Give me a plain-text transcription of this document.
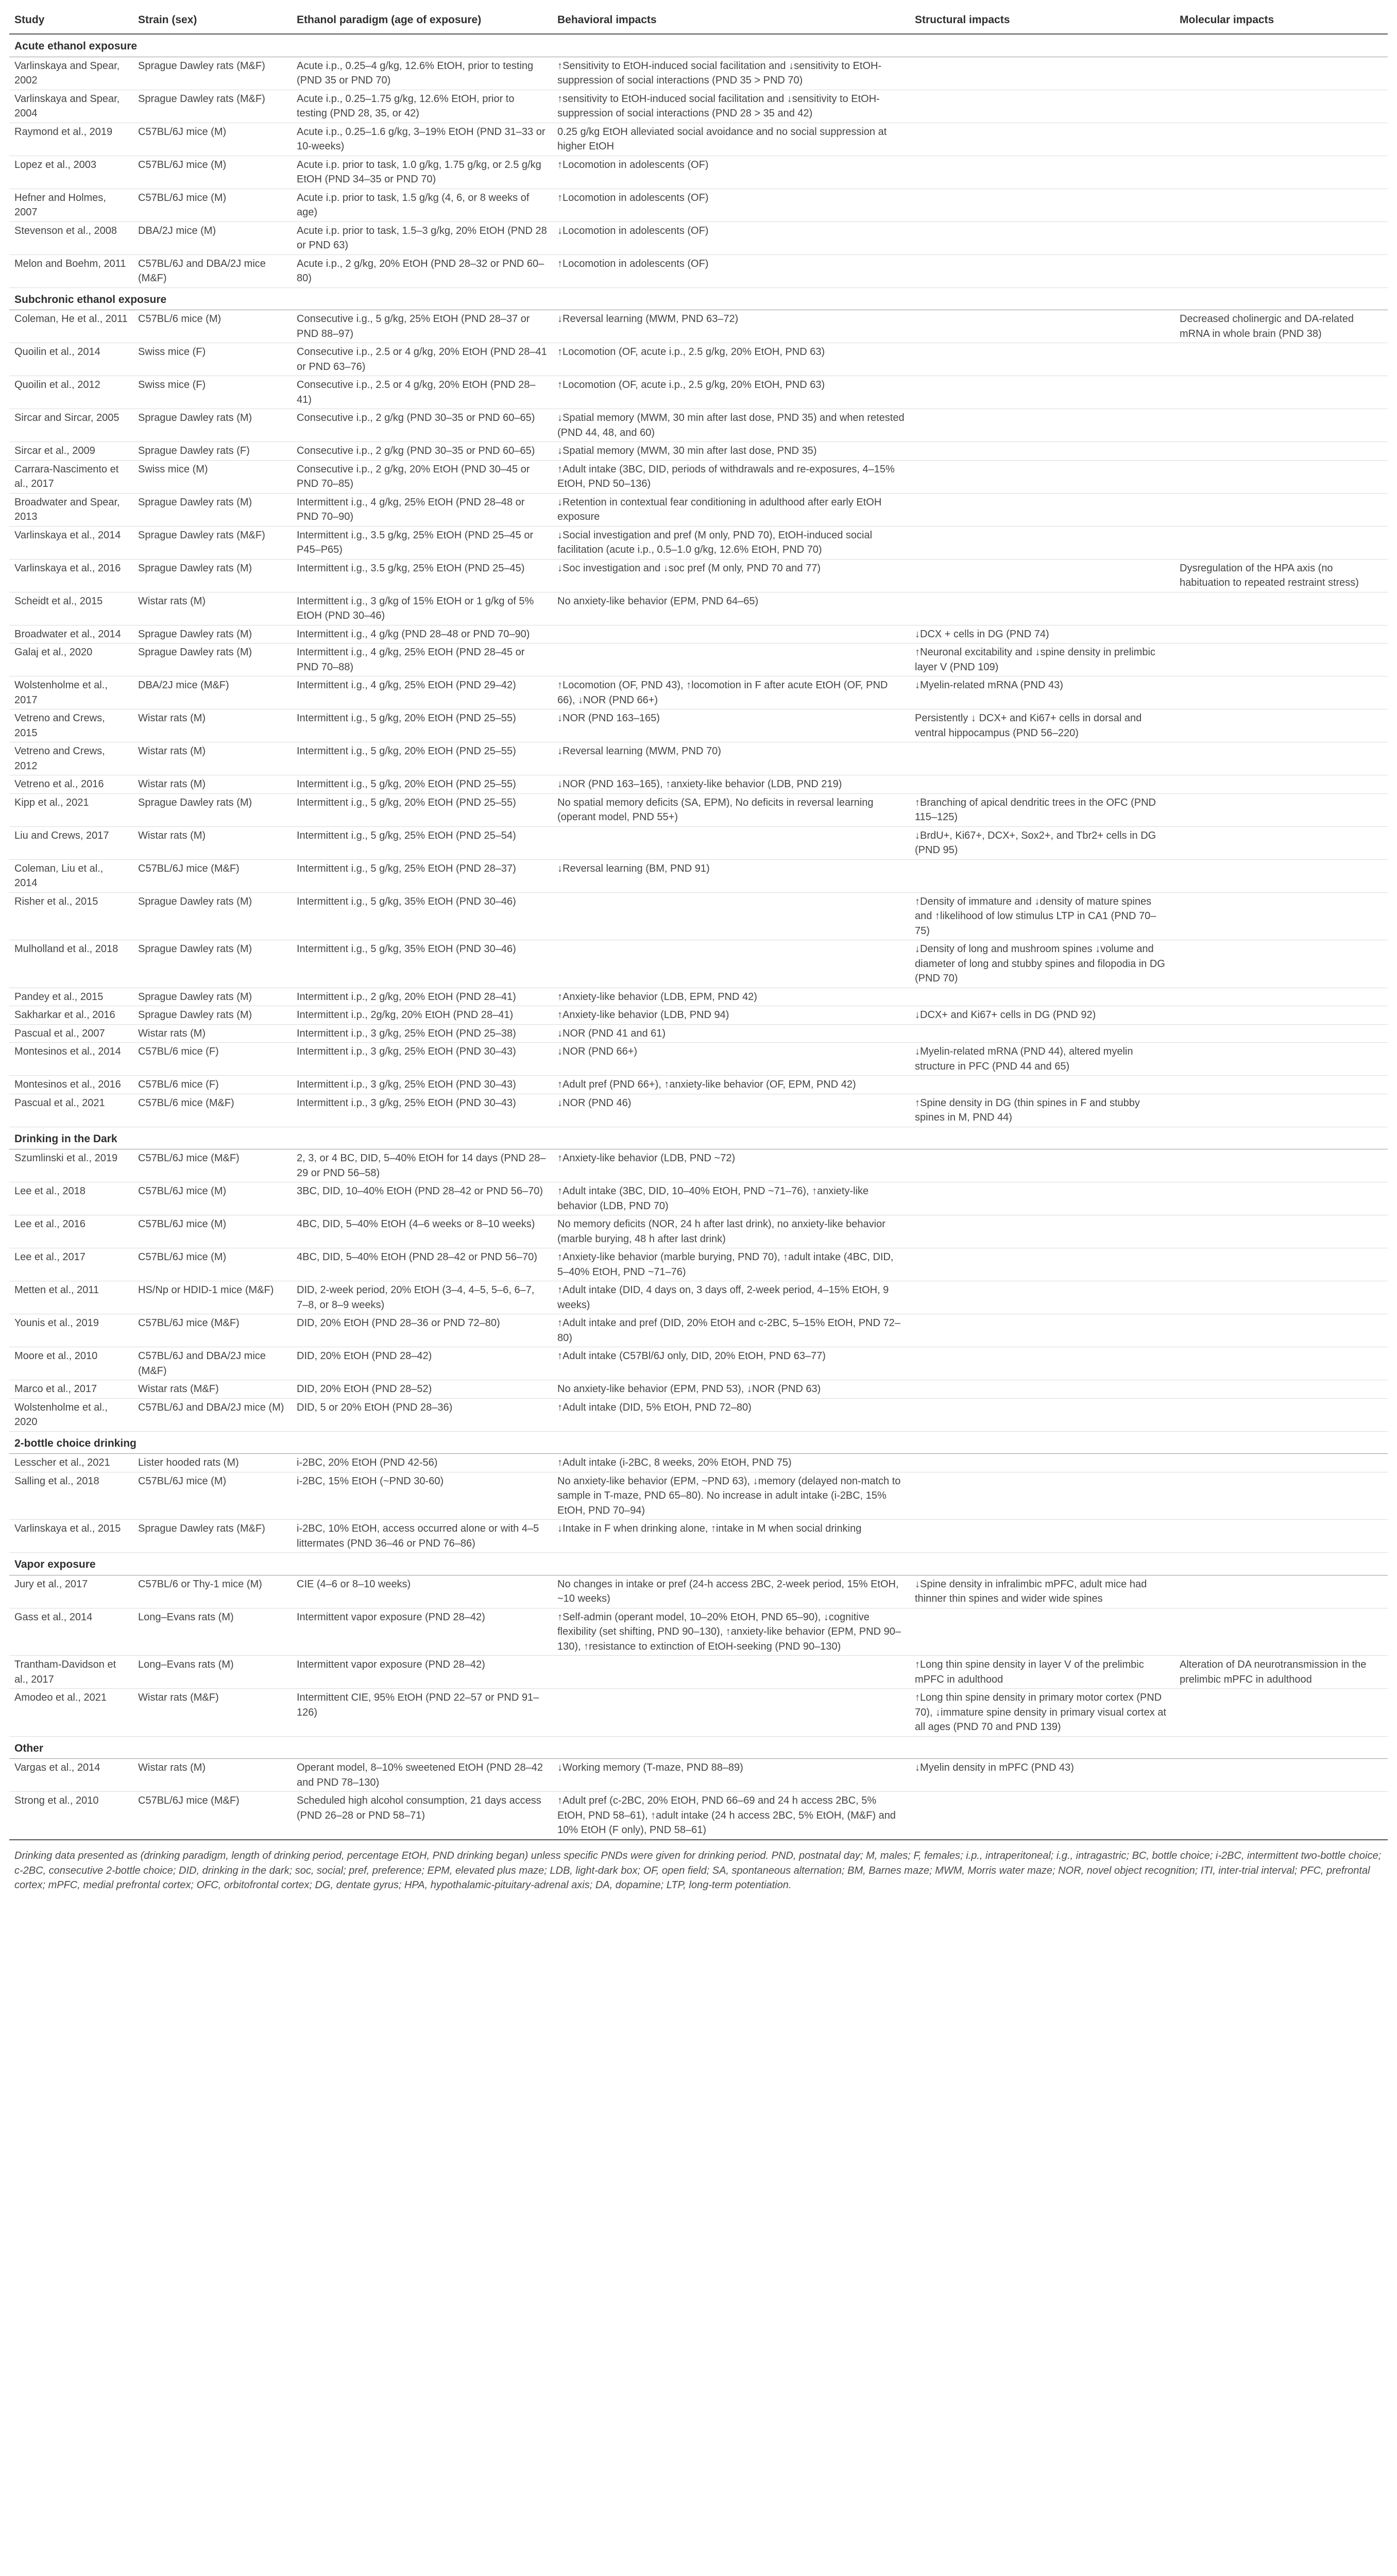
Study	Strain (sex)	Ethanol paradigm (age of exposure)	Behavioral impacts	Structural impacts	Molecular impacts
Acute ethanol exposure					
Varlinskaya and Spear, 2002	Sprague Dawley rats (M&F)	Acute i.p., 0.25–4 g/kg, 12.6% EtOH, prior to testing (PND 35 or PND 70)	↑Sensitivity to EtOH-induced social facilitation and ↓sensitivity to EtOH-suppression of social interactions (PND 35 > PND 70)		
Varlinskaya and Spear, 2004	Sprague Dawley rats (M&F)	Acute i.p., 0.25–1.75 g/kg, 12.6% EtOH, prior to testing (PND 28, 35, or 42)	↑sensitivity to EtOH-induced social facilitation and ↓sensitivity to EtOH-suppression of social interactions (PND 28 > 35 and 42)		
Raymond et al., 2019	C57BL/6J mice (M)	Acute i.p., 0.25–1.6 g/kg, 3–19% EtOH (PND 31–33 or 10-weeks)	0.25 g/kg EtOH alleviated social avoidance and no social suppression at higher EtOH		
Lopez et al., 2003	C57BL/6J mice (M)	Acute i.p. prior to task, 1.0 g/kg, 1.75 g/kg, or 2.5 g/kg EtOH (PND 34–35 or PND 70)	↑Locomotion in adolescents (OF)		
Hefner and Holmes, 2007	C57BL/6J mice (M)	Acute i.p. prior to task, 1.5 g/kg (4, 6, or 8 weeks of age)	↑Locomotion in adolescents (OF)		
Stevenson et al., 2008	DBA/2J mice (M)	Acute i.p. prior to task, 1.5–3 g/kg, 20% EtOH (PND 28 or PND 63)	↓Locomotion in adolescents (OF)		
Melon and Boehm, 2011	C57BL/6J and DBA/2J mice (M&F)	Acute i.p., 2 g/kg, 20% EtOH (PND 28–32 or PND 60–80)	↑Locomotion in adolescents (OF)		
Subchronic ethanol exposure					
Coleman, He et al., 2011	C57BL/6 mice (M)	Consecutive i.g., 5 g/kg, 25% EtOH (PND 28–37 or PND 88–97)	↓Reversal learning (MWM, PND 63–72)		Decreased cholinergic and DA-related mRNA in whole brain (PND 38)
Quoilin et al., 2014	Swiss mice (F)	Consecutive i.p., 2.5 or 4 g/kg, 20% EtOH (PND 28–41 or PND 63–76)	↑Locomotion (OF, acute i.p., 2.5 g/kg, 20% EtOH, PND 63)		
Quoilin et al., 2012	Swiss mice (F)	Consecutive i.p., 2.5 or 4 g/kg, 20% EtOH (PND 28–41)	↑Locomotion (OF, acute i.p., 2.5 g/kg, 20% EtOH, PND 63)		
Sircar and Sircar, 2005	Sprague Dawley rats (M)	Consecutive i.p., 2 g/kg (PND 30–35 or PND 60–65)	↓Spatial memory (MWM, 30 min after last dose, PND 35) and when retested (PND 44, 48, and 60)		
Sircar et al., 2009	Sprague Dawley rats (F)	Consecutive i.p., 2 g/kg (PND 30–35 or PND 60–65)	↓Spatial memory (MWM, 30 min after last dose, PND 35)		
Carrara-Nascimento et al., 2017	Swiss mice (M)	Consecutive i.p., 2 g/kg, 20% EtOH (PND 30–45 or PND 70–85)	↑Adult intake (3BC, DID, periods of withdrawals and re-exposures, 4–15% EtOH, PND 50–136)		
Broadwater and Spear, 2013	Sprague Dawley rats (M)	Intermittent i.g., 4 g/kg, 25% EtOH (PND 28–48 or PND 70–90)	↓Retention in contextual fear conditioning in adulthood after early EtOH exposure		
Varlinskaya et al., 2014	Sprague Dawley rats (M&F)	Intermittent i.g., 3.5 g/kg, 25% EtOH (PND 25–45 or P45–P65)	↓Social investigation and pref (M only, PND 70), EtOH-induced social facilitation (acute i.p., 0.5–1.0 g/kg, 12.6% EtOH, PND 70)		
Varlinskaya et al., 2016	Sprague Dawley rats (M)	Intermittent i.g., 3.5 g/kg, 25% EtOH (PND 25–45)	↓Soc investigation and ↓soc pref (M only, PND 70 and 77)		Dysregulation of the HPA axis (no habituation to repeated restraint stress)
Scheidt et al., 2015	Wistar rats (M)	Intermittent i.g., 3 g/kg of 15% EtOH or 1 g/kg of 5% EtOH (PND 30–46)	No anxiety-like behavior (EPM, PND 64–65)		
Broadwater et al., 2014	Sprague Dawley rats (M)	Intermittent i.g., 4 g/kg (PND 28–48 or PND 70–90)		↓DCX + cells in DG (PND 74)	
Galaj et al., 2020	Sprague Dawley rats (M)	Intermittent i.g., 4 g/kg, 25% EtOH (PND 28–45 or PND 70–88)		↑Neuronal excitability and ↓spine density in prelimbic layer V (PND 109)	
Wolstenholme et al., 2017	DBA/2J mice (M&F)	Intermittent i.g., 4 g/kg, 25% EtOH (PND 29–42)	↑Locomotion (OF, PND 43), ↑locomotion in F after acute EtOH (OF, PND 66), ↓NOR (PND 66+)	↓Myelin-related mRNA (PND 43)	
Vetreno and Crews, 2015	Wistar rats (M)	Intermittent i.g., 5 g/kg, 20% EtOH (PND 25–55)	↓NOR (PND 163–165)	Persistently ↓ DCX+ and Ki67+ cells in dorsal and ventral hippocampus (PND 56–220)	
Vetreno and Crews, 2012	Wistar rats (M)	Intermittent i.g., 5 g/kg, 20% EtOH (PND 25–55)	↓Reversal learning (MWM, PND 70)		
Vetreno et al., 2016	Wistar rats (M)	Intermittent i.g., 5 g/kg, 20% EtOH (PND 25–55)	↓NOR (PND 163–165), ↑anxiety-like behavior (LDB, PND 219)		
Kipp et al., 2021	Sprague Dawley rats (M)	Intermittent i.g., 5 g/kg, 20% EtOH (PND 25–55)	No spatial memory deficits (SA, EPM), No deficits in reversal learning (operant model, PND 55+)	↑Branching of apical dendritic trees in the OFC (PND 115–125)	
Liu and Crews, 2017	Wistar rats (M)	Intermittent i.g., 5 g/kg, 25% EtOH (PND 25–54)		↓BrdU+, Ki67+, DCX+, Sox2+, and Tbr2+ cells in DG (PND 95)	
Coleman, Liu et al., 2014	C57BL/6J mice (M&F)	Intermittent i.g., 5 g/kg, 25% EtOH (PND 28–37)	↓Reversal learning (BM, PND 91)		
Risher et al., 2015	Sprague Dawley rats (M)	Intermittent i.g., 5 g/kg, 35% EtOH (PND 30–46)		↑Density of immature and ↓density of mature spines and ↑likelihood of low stimulus LTP in CA1 (PND 70–75)	
Mulholland et al., 2018	Sprague Dawley rats (M)	Intermittent i.g., 5 g/kg, 35% EtOH (PND 30–46)		↓Density of long and mushroom spines ↓volume and diameter of long and stubby spines and filopodia in DG (PND 70)	
Pandey et al., 2015	Sprague Dawley rats (M)	Intermittent i.p., 2 g/kg, 20% EtOH (PND 28–41)	↑Anxiety-like behavior (LDB, EPM, PND 42)		
Sakharkar et al., 2016	Sprague Dawley rats (M)	Intermittent i.p., 2g/kg, 20% EtOH (PND 28–41)	↑Anxiety-like behavior (LDB, PND 94)	↓DCX+ and Ki67+ cells in DG (PND 92)	
Pascual et al., 2007	Wistar rats (M)	Intermittent i.p., 3 g/kg, 25% EtOH (PND 25–38)	↓NOR (PND 41 and 61)		
Montesinos et al., 2014	C57BL/6 mice (F)	Intermittent i.p., 3 g/kg, 25% EtOH (PND 30–43)	↓NOR (PND 66+)	↓Myelin-related mRNA (PND 44), altered myelin structure in PFC (PND 44 and 65)	
Montesinos et al., 2016	C57BL/6 mice (F)	Intermittent i.p., 3 g/kg, 25% EtOH (PND 30–43)	↑Adult pref (PND 66+), ↑anxiety-like behavior (OF, EPM, PND 42)		
Pascual et al., 2021	C57BL/6 mice (M&F)	Intermittent i.p., 3 g/kg, 25% EtOH (PND 30–43)	↓NOR (PND 46)	↑Spine density in DG (thin spines in F and stubby spines in M, PND 44)	
Drinking in the Dark					
Szumlinski et al., 2019	C57BL/6J mice (M&F)	2, 3, or 4 BC, DID, 5–40% EtOH for 14 days (PND 28–29 or PND 56–58)	↑Anxiety-like behavior (LDB, PND ~72)		
Lee et al., 2018	C57BL/6J mice (M)	3BC, DID, 10–40% EtOH (PND 28–42 or PND 56–70)	↑Adult intake (3BC, DID, 10–40% EtOH, PND ~71–76), ↑anxiety-like behavior (LDB, PND 70)		
Lee et al., 2016	C57BL/6J mice (M)	4BC, DID, 5–40% EtOH (4–6 weeks or 8–10 weeks)	No memory deficits (NOR, 24 h after last drink), no anxiety-like behavior (marble burying, 48 h after last drink)		
Lee et al., 2017	C57BL/6J mice (M)	4BC, DID, 5–40% EtOH (PND 28–42 or PND 56–70)	↑Anxiety-like behavior (marble burying, PND 70), ↑adult intake (4BC, DID, 5–40% EtOH, PND ~71–76)		
Metten et al., 2011	HS/Np or HDID-1 mice (M&F)	DID, 2-week period, 20% EtOH (3–4, 4–5, 5–6, 6–7, 7–8, or 8–9 weeks)	↑Adult intake (DID, 4 days on, 3 days off, 2-week period, 4–15% EtOH, 9 weeks)		
Younis et al., 2019	C57BL/6J mice (M&F)	DID, 20% EtOH (PND 28–36 or PND 72–80)	↑Adult intake and pref (DID, 20% EtOH and c-2BC, 5–15% EtOH, PND 72–80)		
Moore et al., 2010	C57BL/6J and DBA/2J mice (M&F)	DID, 20% EtOH (PND 28–42)	↑Adult intake (C57Bl/6J only, DID, 20% EtOH, PND 63–77)		
Marco et al., 2017	Wistar rats (M&F)	DID, 20% EtOH (PND 28–52)	No anxiety-like behavior (EPM, PND 53), ↓NOR (PND 63)		
Wolstenholme et al., 2020	C57BL/6J and DBA/2J mice (M)	DID, 5 or 20% EtOH (PND 28–36)	↑Adult intake (DID, 5% EtOH, PND 72–80)		
2-bottle choice drinking					
Lesscher et al., 2021	Lister hooded rats (M)	i-2BC, 20% EtOH (PND 42-56)	↑Adult intake (i-2BC, 8 weeks, 20% EtOH, PND 75)		
Salling et al., 2018	C57BL/6J mice (M)	i-2BC, 15% EtOH (~PND 30-60)	No anxiety-like behavior (EPM, ~PND 63), ↓memory (delayed non-match to sample in T-maze, PND 65–80). No increase in adult intake (i-2BC, 15% EtOH, PND 70–94)		
Varlinskaya et al., 2015	Sprague Dawley rats (M&F)	i-2BC, 10% EtOH, access occurred alone or with 4–5 littermates (PND 36–46 or PND 76–86)	↓Intake in F when drinking alone, ↑intake in M when social drinking		
Vapor exposure					
Jury et al., 2017	C57BL/6 or Thy-1 mice (M)	CIE (4–6 or 8–10 weeks)	No changes in intake or pref (24-h access 2BC, 2-week period, 15% EtOH, ~10 weeks)	↓Spine density in infralimbic mPFC, adult mice had thinner thin spines and wider wide spines	
Gass et al., 2014	Long–Evans rats (M)	Intermittent vapor exposure (PND 28–42)	↑Self-admin (operant model, 10–20% EtOH, PND 65–90), ↓cognitive flexibility (set shifting, PND 90–130), ↑anxiety-like behavior (EPM, PND 90–130), ↑resistance to extinction of EtOH-seeking (PND 90–130)		
Trantham-Davidson et al., 2017	Long–Evans rats (M)	Intermittent vapor exposure (PND 28–42)		↑Long thin spine density in layer V of the prelimbic mPFC in adulthood	Alteration of DA neurotransmission in the prelimbic mPFC in adulthood
Amodeo et al., 2021	Wistar rats (M&F)	Intermittent CIE, 95% EtOH (PND 22–57 or PND 91–126)		↑Long thin spine density in primary motor cortex (PND 70), ↓immature spine density in primary visual cortex at all ages (PND 70 and PND 139)	
Other					
Vargas et al., 2014	Wistar rats (M)	Operant model, 8–10% sweetened EtOH (PND 28–42 and PND 78–130)	↓Working memory (T-maze, PND 88–89)	↓Myelin density in mPFC (PND 43)	
Strong et al., 2010	C57BL/6J mice (M&F)	Scheduled high alcohol consumption, 21 days access (PND 26–28 or PND 58–71)	↑Adult pref (c-2BC, 20% EtOH, PND 66–69 and 24 h access 2BC, 5% EtOH, PND 58–61), ↑adult intake (24 h access 2BC, 5% EtOH, (M&F) and 10% EtOH (F only), PND 58–61)		

Drinking data presented as (drinking paradigm, length of drinking period, percentage EtOH, PND drinking began) unless specific PNDs were given for drinking period. PND, postnatal day; M, males; F, females; i.p., intraperitoneal; i.g., intragastric; BC, bottle choice; i-2BC, intermittent two-bottle choice; c-2BC, consecutive 2-bottle choice; DID, drinking in the dark; soc, social; pref, preference; EPM, elevated plus maze; LDB, light-dark box; OF, open field; SA, spontaneous alternation; BM, Barnes maze; MWM, Morris water maze; NOR, novel object recognition; ITI, inter-trial interval; PFC, prefrontal cortex; mPFC, medial prefrontal cortex; OFC, orbitofrontal cortex; DG, dentate gyrus; HPA, hypothalamic-pituitary-adrenal axis; DA, dopamine; LTP, long-term potentiation.
